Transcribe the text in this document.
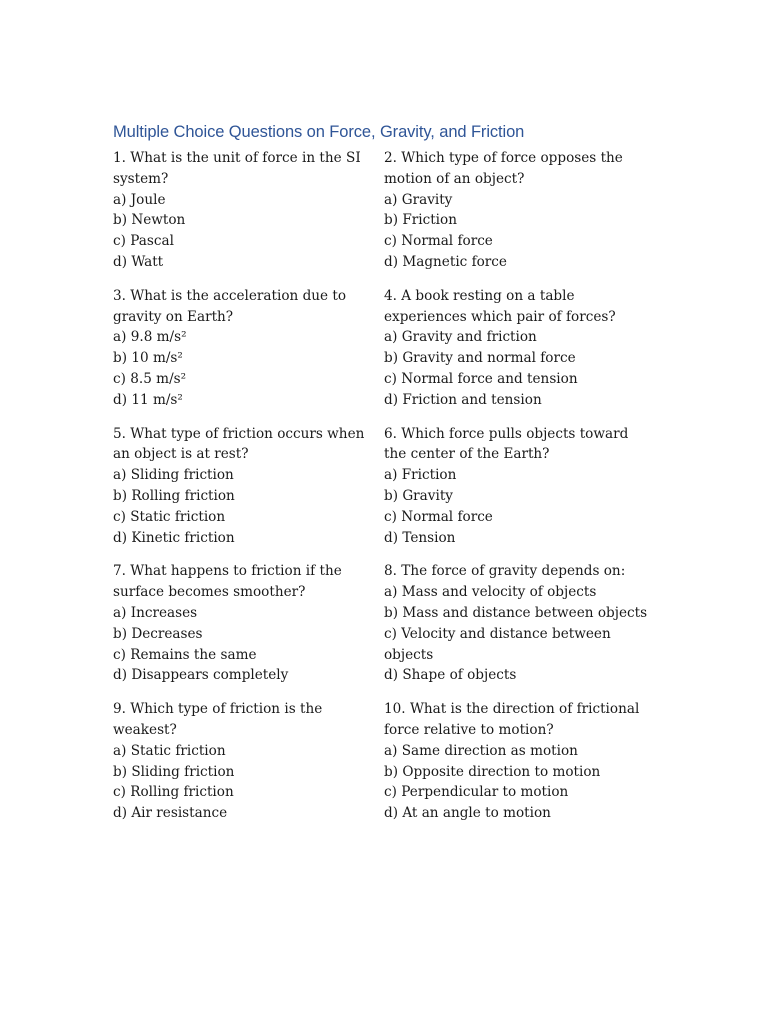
Multiple Choice Questions on Force, Gravity, and Friction
1. What is the unit of force in the SI system?
a) Joule
b) Newton
c) Pascal
d) Watt
2. Which type of force opposes the motion of an object?
a) Gravity
b) Friction
c) Normal force
d) Magnetic force
3. What is the acceleration due to gravity on Earth?
a) 9.8 m/s²
b) 10 m/s²
c) 8.5 m/s²
d) 11 m/s²
4. A book resting on a table experiences which pair of forces?
a) Gravity and friction
b) Gravity and normal force
c) Normal force and tension
d) Friction and tension
5. What type of friction occurs when an object is at rest?
a) Sliding friction
b) Rolling friction
c) Static friction
d) Kinetic friction
6. Which force pulls objects toward the center of the Earth?
a) Friction
b) Gravity
c) Normal force
d) Tension
7. What happens to friction if the surface becomes smoother?
a) Increases
b) Decreases
c) Remains the same
d) Disappears completely
8. The force of gravity depends on:
a) Mass and velocity of objects
b) Mass and distance between objects
c) Velocity and distance between objects
d) Shape of objects
9. Which type of friction is the weakest?
a) Static friction
b) Sliding friction
c) Rolling friction
d) Air resistance
10. What is the direction of frictional force relative to motion?
a) Same direction as motion
b) Opposite direction to motion
c) Perpendicular to motion
d) At an angle to motion
